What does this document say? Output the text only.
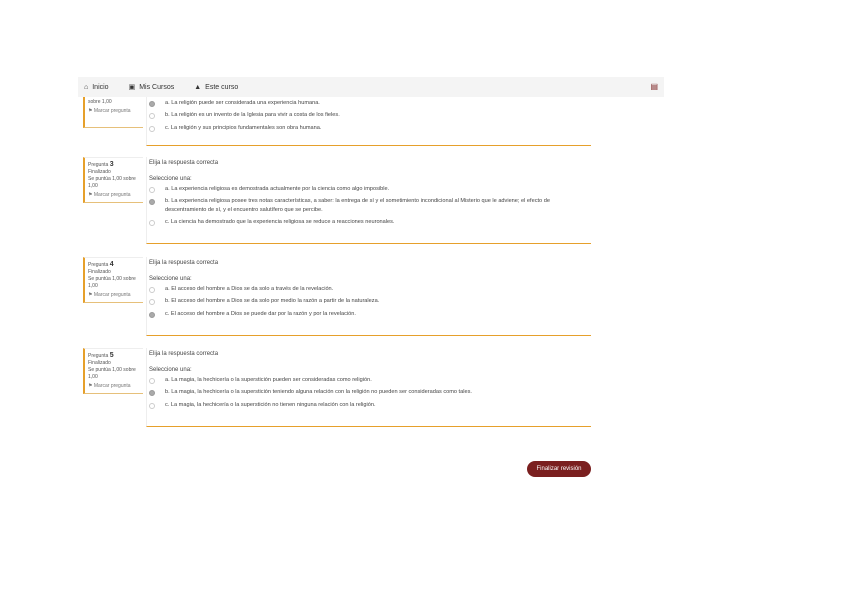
⌂ Inicio	▣ Mis Cursos	▲ Este curso	▤
sobre 1,00
⚑ Marcar pregunta
a. La religión puede ser considerada una experiencia humana.
b. La religión es un invento de la Iglesia para vivir a costa de los fieles.
c. La religión y sus principios fundamentales son obra humana.
Pregunta 3
Finalizado
Se puntúa 1,00 sobre 1,00
⚑ Marcar pregunta
Elija la respuesta correcta
Seleccione una:
a. La experiencia religiosa es demostrada actualmente por la ciencia como algo imposible.
b. La experiencia religiosa posee tres notas características, a saber: la entrega de sí y el sometimiento incondicional al Misterio que le adviene; el efecto de descentramiento de sí, y el encuentro salutífero que se percibe.
c. La ciencia ha demostrado que la experiencia religiosa se reduce a reacciones neuronales.
Pregunta 4
Finalizado
Se puntúa 1,00 sobre 1,00
⚑ Marcar pregunta
Elija la respuesta correcta
Seleccione una:
a. El acceso del hombre a Dios se da solo a través de la revelación.
b. El acceso del hombre a Dios se da solo por medio la razón a partir de la naturaleza.
c. El acceso del hombre a Dios se puede dar por la razón y por la revelación.
Pregunta 5
Finalizado
Se puntúa 1,00 sobre 1,00
⚑ Marcar pregunta
Elija la respuesta correcta
Seleccione una:
a. La magia, la hechicería o la superstición pueden ser consideradas como religión.
b. La magia, la hechicería o la superstición teniendo alguna relación con la religión no pueden ser consideradas como tales.
c. La magia, la hechicería o la superstición no tienen ninguna relación con la religión.
Finalizar revisión
